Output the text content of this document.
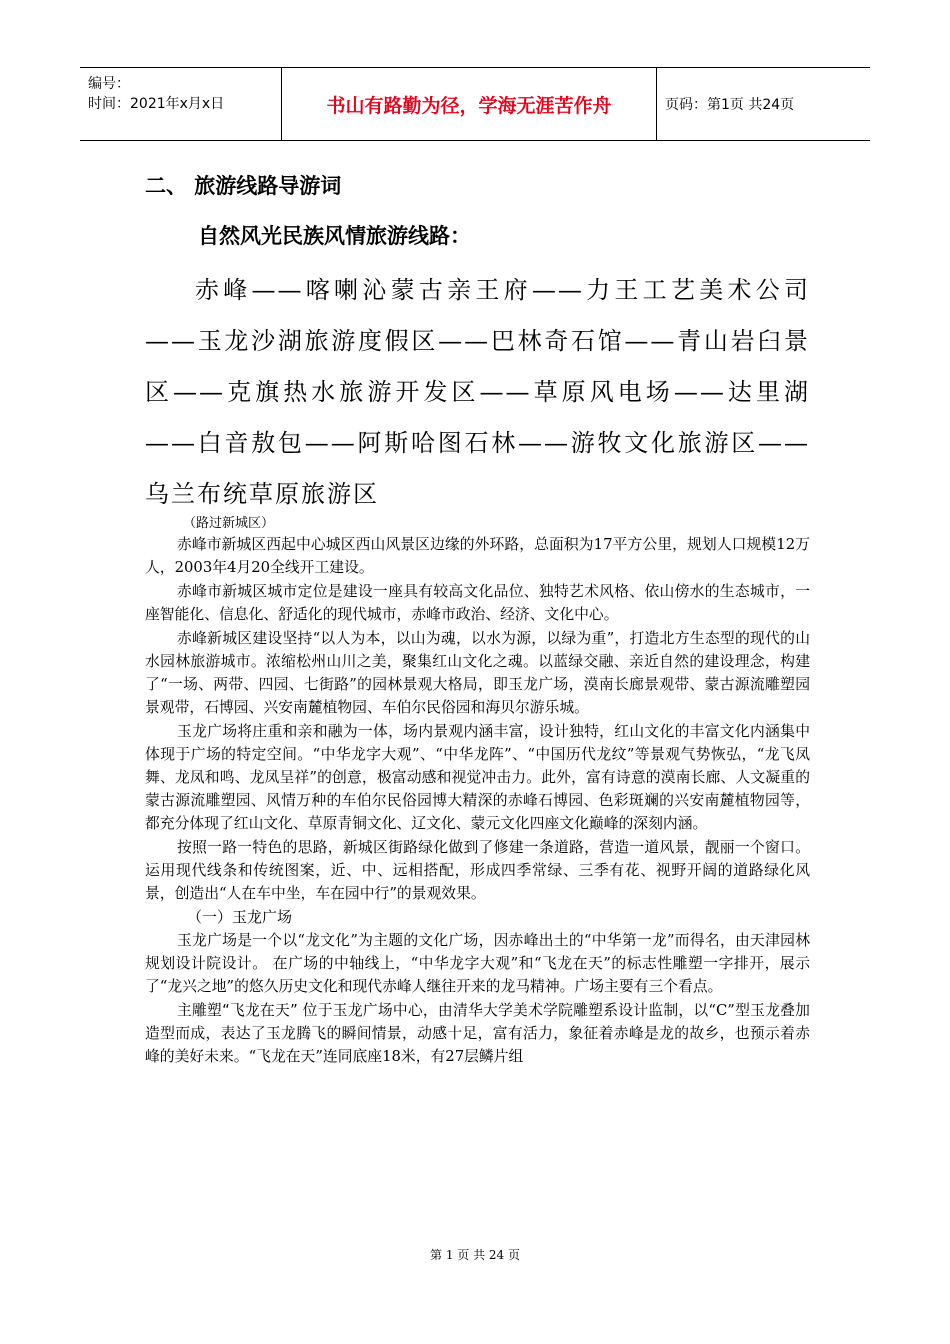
编号：
时间：2021年x月x日	书山有路勤为径，学海无涯苦作舟	页码：第1页 共24页
二、 旅游线路导游词
自然风光民族风情旅游线路：

赤峰——喀喇沁蒙古亲王府——力王工艺美术公司——玉龙沙湖旅游度假区——巴林奇石馆——青山岩臼景区——克旗热水旅游开发区——草原风电场——达里湖——白音敖包——阿斯哈图石林——游牧文化旅游区——乌兰布统草原旅游区

（路过新城区）

赤峰市新城区西起中心城区西山风景区边缘的外环路，总面积为17平方公里，规划人口规模12万人，2003年4月20全线开工建设。

赤峰市新城区城市定位是建设一座具有较高文化品位、独特艺术风格、依山傍水的生态城市，一座智能化、信息化、舒适化的现代城市，赤峰市政治、经济、文化中心。

赤峰新城区建设坚持“以人为本，以山为魂，以水为源，以绿为重”，打造北方生态型的现代的山水园林旅游城市。浓缩松州山川之美，聚集红山文化之魂。以蓝绿交融、亲近自然的建设理念，构建了“一场、两带、四园、七街路”的园林景观大格局，即玉龙广场，漠南长廊景观带、蒙古源流雕塑园景观带，石博园、兴安南麓植物园、车伯尔民俗园和海贝尔游乐城。

玉龙广场将庄重和亲和融为一体，场内景观内涵丰富，设计独特，红山文化的丰富文化内涵集中体现于广场的特定空间。“中华龙字大观”、“中华龙阵”、“中国历代龙纹”等景观气势恢弘，“龙飞凤舞、龙凤和鸣、龙凤呈祥”的创意，极富动感和视觉冲击力。此外，富有诗意的漠南长廊、人文凝重的蒙古源流雕塑园、风情万种的车伯尔民俗园博大精深的赤峰石博园、色彩斑斓的兴安南麓植物园等，都充分体现了红山文化、草原青铜文化、辽文化、蒙元文化四座文化巅峰的深刻内涵。

按照一路一特色的思路，新城区街路绿化做到了修建一条道路，营造一道风景，靓丽一个窗口。运用现代线条和传统图案，近、中、远相搭配，形成四季常绿、三季有花、视野开阔的道路绿化风景，创造出“人在车中坐，车在园中行”的景观效果。

（一）玉龙广场

玉龙广场是一个以“龙文化”为主题的文化广场，因赤峰出土的“中华第一龙”而得名，由天津园林规划设计院设计。 在广场的中轴线上，“中华龙字大观”和“飞龙在天”的标志性雕塑一字排开，展示了“龙兴之地”的悠久历史文化和现代赤峰人继往开来的龙马精神。广场主要有三个看点。

主雕塑“飞龙在天” 位于玉龙广场中心，由清华大学美术学院雕塑系设计监制，以“C”型玉龙叠加造型而成，表达了玉龙腾飞的瞬间情景，动感十足，富有活力，象征着赤峰是龙的故乡，也预示着赤峰的美好未来。“飞龙在天”连同底座18米，有27层鳞片组

第 1 页 共 24 页
